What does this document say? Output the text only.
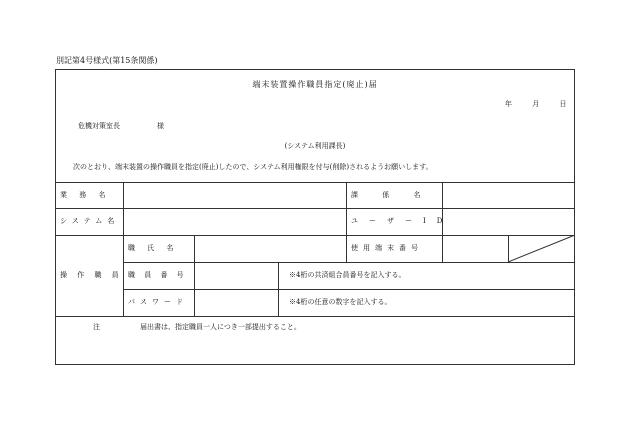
別記第4号様式(第15条関係)
端末装置操作職員指定(廃止)届
年 月 日
危機対策室長	様
(システム利用課長)
次のとおり、端末装置の操作職員を指定(廃止)したので、システム利用権限を付与(削除)されるようお願いします。
業 務 名	課 係 名
システム名	ユーザーID
操 作 職 員
職 氏 名	使用端末番号
職 員 番 号	※4桁の共済組合員番号を記入する。
パスワード	※4桁の任意の数字を記入する。
注	届出書は、指定職員一人につき一部提出すること。
